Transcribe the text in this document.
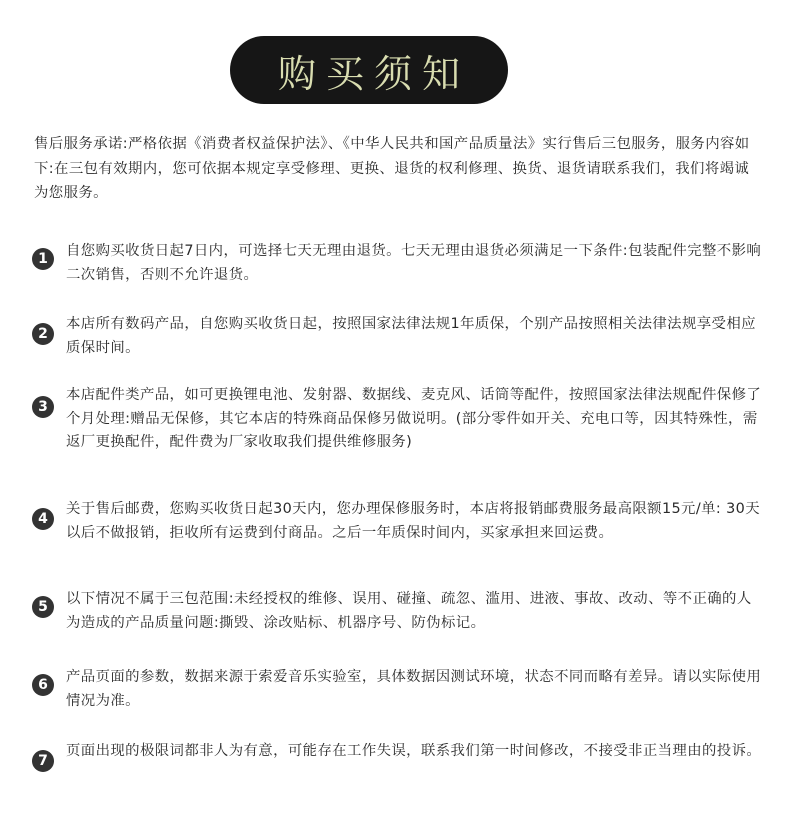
购买须知
售后服务承诺:严格依据《消费者权益保护法》、《中华人民共和国产品质量法》实行售后三包服务，服务内容如下:在三包有效期内，您可依据本规定享受修理、更换、退货的权利修理、换货、退货请联系我们，我们将竭诚为您服务。
1	自您购买收货日起7日内，可选择七天无理由退货。七天无理由退货必须满足一下条件:包装配件完整不影响二次销售，否则不允许退货。
2
本店所有数码产品，自您购买收货日起，按照国家法律法规1年质保，个别产品按照相关法律法规享受相应质保时间。
3
本店配件类产品，如可更换锂电池、发射器、数据线、麦克风、话筒等配件，按照国家法律法规配件保修了个月处理:赠品无保修，其它本店的特殊商品保修另做说明。(部分零件如开关、充电口等，因其特殊性，需返厂更换配件，配件费为厂家收取我们提供维修服务)
4
关于售后邮费，您购买收货日起30天内，您办理保修服务时，本店将报销邮费服务最高限额15元/单: 30天以后不做报销，拒收所有运费到付商品。之后一年质保时间内，买家承担来回运费。
5	以下情况不属于三包范围:未经授权的维修、误用、碰撞、疏忽、滥用、进液、事故、改动、等不正确的人为造成的产品质量问题:撕毁、涂改贴标、机器序号、防伪标记。
6	产品页面的参数，数据来源于索爱音乐实验室，具体数据因测试环境，状态不同而略有差异。请以实际使用情况为准。
7
页面出现的极限词都非人为有意，可能存在工作失误，联系我们第一时间修改，不接受非正当理由的投诉。
